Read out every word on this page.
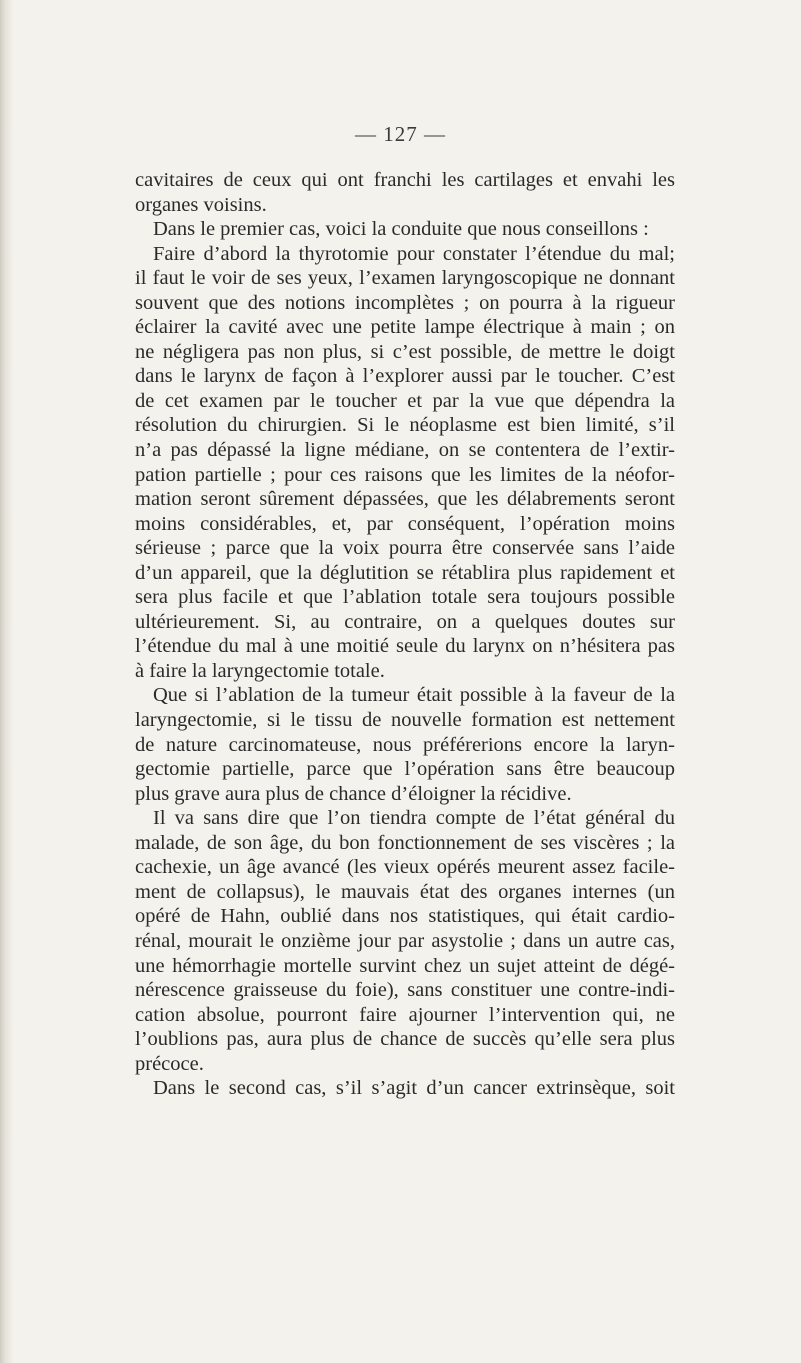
— 127 —
cavitaires de ceux qui ont franchi les cartilages et envahi les
organes voisins.
Dans le premier cas, voici la conduite que nous conseillons :
Faire d’abord la thyrotomie pour constater l’étendue du mal;
il faut le voir de ses yeux, l’examen laryngoscopique ne donnant
souvent que des notions incomplètes ; on pourra à la rigueur
éclairer la cavité avec une petite lampe électrique à main ; on
ne négligera pas non plus, si c’est possible, de mettre le doigt
dans le larynx de façon à l’explorer aussi par le toucher. C’est
de cet examen par le toucher et par la vue que dépendra la
résolution du chirurgien. Si le néoplasme est bien limité, s’il
n’a pas dépassé la ligne médiane, on se contentera de l’extir-
pation partielle ; pour ces raisons que les limites de la néofor-
mation seront sûrement dépassées, que les délabrements seront
moins considérables, et, par conséquent, l’opération moins
sérieuse ; parce que la voix pourra être conservée sans l’aide
d’un appareil, que la déglutition se rétablira plus rapidement et
sera plus facile et que l’ablation totale sera toujours possible
ultérieurement. Si, au contraire, on a quelques doutes sur
l’étendue du mal à une moitié seule du larynx on n’hésitera pas
à faire la laryngectomie totale.
Que si l’ablation de la tumeur était possible à la faveur de la
laryngectomie, si le tissu de nouvelle formation est nettement
de nature carcinomateuse, nous préférerions encore la laryn-
gectomie partielle, parce que l’opération sans être beaucoup
plus grave aura plus de chance d’éloigner la récidive.
Il va sans dire que l’on tiendra compte de l’état général du
malade, de son âge, du bon fonctionnement de ses viscères ; la
cachexie, un âge avancé (les vieux opérés meurent assez facile-
ment de collapsus), le mauvais état des organes internes (un
opéré de Hahn, oublié dans nos statistiques, qui était cardio-
rénal, mourait le onzième jour par asystolie ; dans un autre cas,
une hémorrhagie mortelle survint chez un sujet atteint de dégé-
nérescence graisseuse du foie), sans constituer une contre-indi-
cation absolue, pourront faire ajourner l’intervention qui, ne
l’oublions pas, aura plus de chance de succès qu’elle sera plus
précoce.
Dans le second cas, s’il s’agit d’un cancer extrinsèque, soit
